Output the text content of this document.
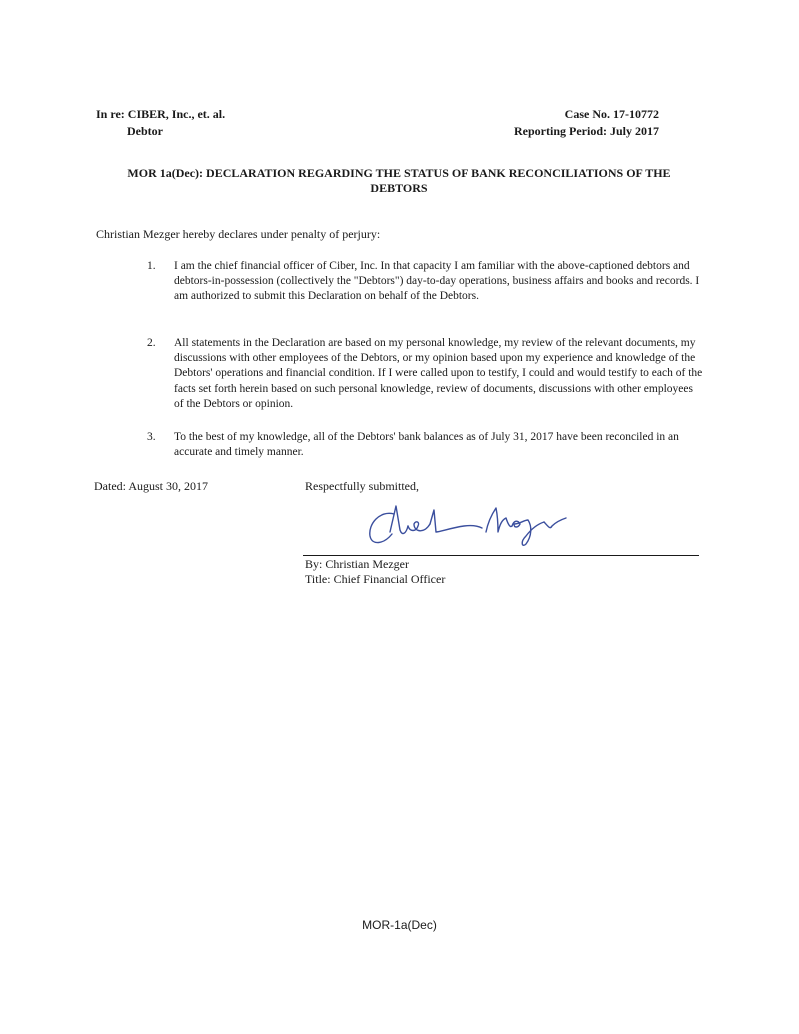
In re: CIBER, Inc., et. al.
Debtor
Case No. 17-10772
Reporting Period: July 2017
MOR 1a(Dec): DECLARATION REGARDING THE STATUS OF BANK RECONCILIATIONS OF THE
DEBTORS
Christian Mezger hereby declares under penalty of perjury:
1. I am the chief financial officer of Ciber, Inc. In that capacity I am familiar with the above-captioned debtors and debtors-in-possession (collectively the "Debtors") day-to-day operations, business affairs and books and records. I am authorized to submit this Declaration on behalf of the Debtors.
2. All statements in the Declaration are based on my personal knowledge, my review of the relevant documents, my discussions with other employees of the Debtors, or my opinion based upon my experience and knowledge of the Debtors' operations and financial condition. If I were called upon to testify, I could and would testify to each of the facts set forth herein based on such personal knowledge, review of documents, discussions with other employees of the Debtors or opinion.
3. To the best of my knowledge, all of the Debtors' bank balances as of July 31, 2017 have been reconciled in an accurate and timely manner.
Dated: August 30, 2017	Respectfully submitted,
By: Christian Mezger
Title: Chief Financial Officer
MOR-1a(Dec)
